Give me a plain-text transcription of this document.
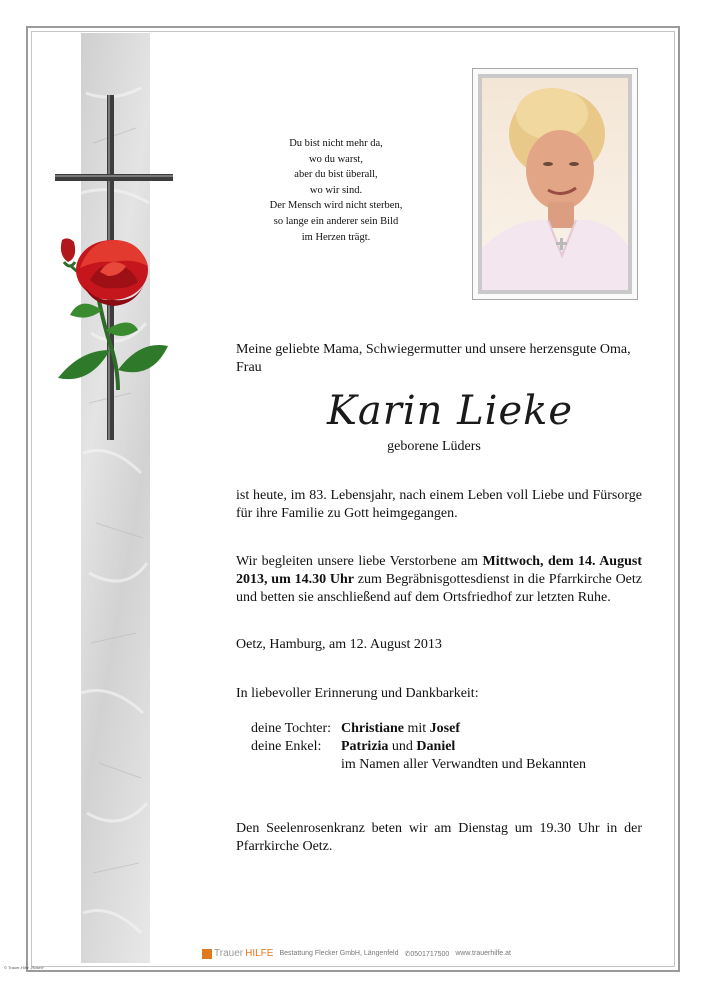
Du bist nicht mehr da,
wo du warst,
aber du bist überall,
wo wir sind.
Der Mensch wird nicht sterben,
so lange ein anderer sein Bild
im Herzen trägt.
Meine geliebte Mama, Schwiegermutter und unsere herzensgute Oma,
Frau
Karin Lieke
geborene Lüders
ist heute, im 83. Lebensjahr, nach einem Leben voll Liebe und Fürsorge für ihre Familie zu Gott heimgegangen.
Wir begleiten unsere liebe Verstorbene am Mittwoch, dem 14. August 2013, um 14.30 Uhr zum Begräbnisgottesdienst in die Pfarrkirche Oetz und betten sie anschließend auf dem Ortsfriedhof zur letzten Ruhe.
Oetz, Hamburg, am 12. August 2013
In liebevoller Erinnerung und Dankbarkeit:
deine Tochter: Christiane mit Josef
deine Enkel:	Patrizia und Daniel
im Namen aller Verwandten und Bekannten
Den Seelenrosenkranz beten wir am Dienstag um 19.30 Uhr in der Pfarrkirche Oetz.
Trauer HILFE Bestattung Flecker GmbH, Längenfeld ✆0501717500 www.trauerhilfe.at
© Trauer-Hilfe „Rosen“
